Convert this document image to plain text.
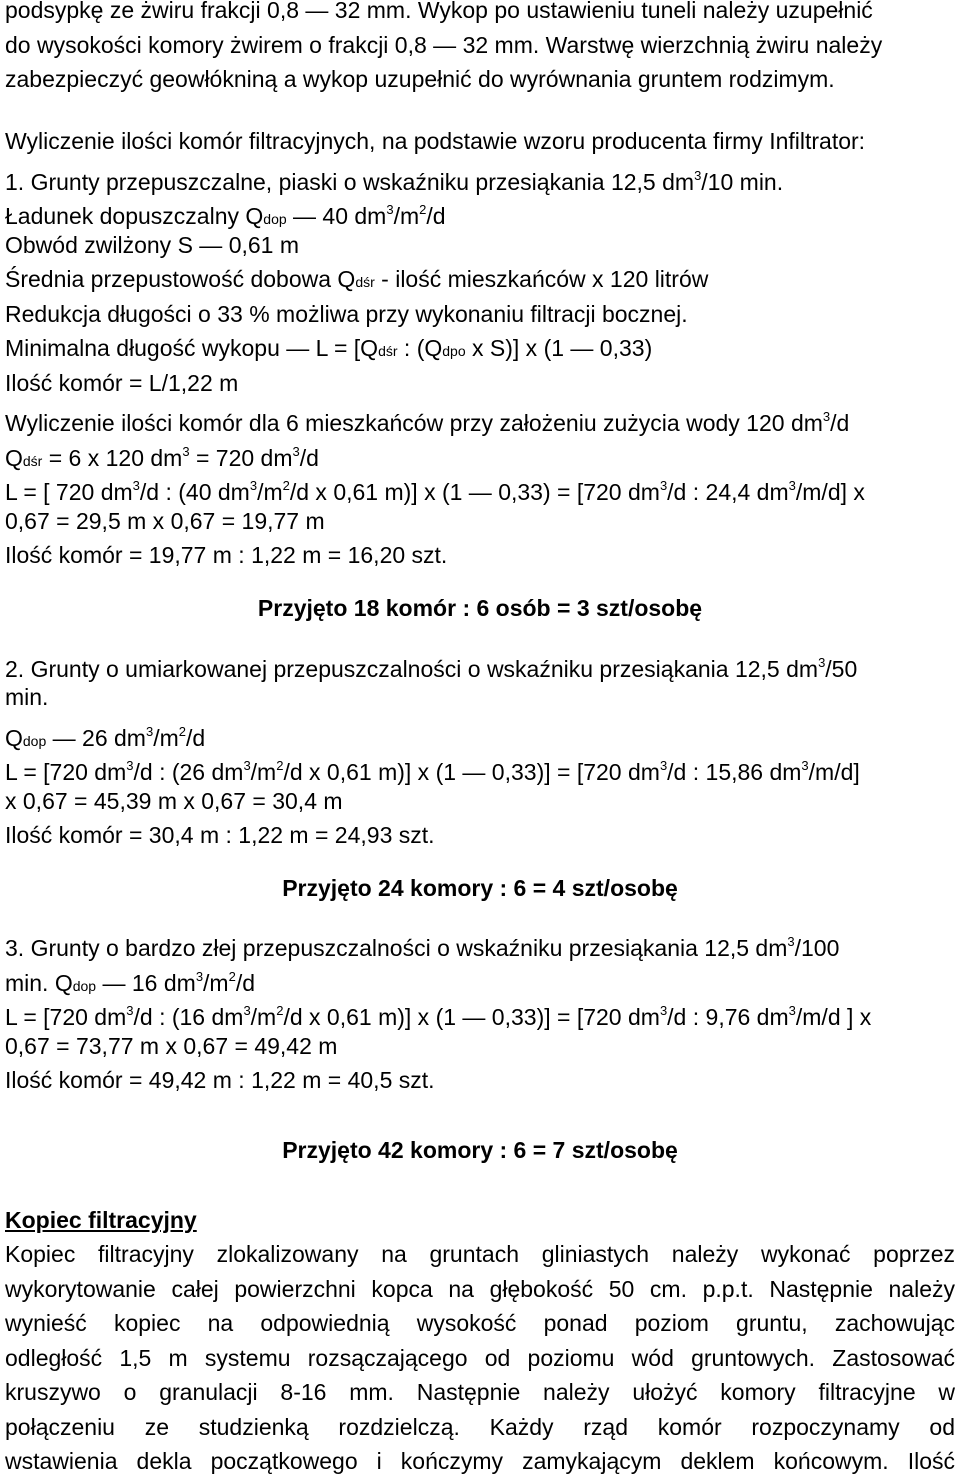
podsypkę ze żwiru frakcji 0,8 — 32 mm. Wykop po ustawieniu tuneli należy uzupełnić
do wysokości komory żwirem o frakcji 0,8 — 32 mm. Warstwę wierzchnią żwiru należy
zabezpieczyć geowłókniną a wykop uzupełnić do wyrównania gruntem rodzimym.
Wyliczenie ilości komór filtracyjnych, na podstawie wzoru producenta firmy Infiltrator:
1. Grunty przepuszczalne, piaski o wskaźniku przesiąkania 12,5 $dm^3/10$ min.
Ładunek dopuszczalny Qdop — 40 $dm^3/m^2/d$
Obwód zwilżony S — 0,61 m
Średnia przepustowość dobowa Qdśr - ilość mieszkańców x 120 litrów
Redukcja długości o 33 % możliwa przy wykonaniu filtracji bocznej.
Minimalna długość wykopu — L = [Qdśr : (Qdpo x S)] x (1 — 0,33)
Ilość komór = L/1,22 m
Wyliczenie ilości komór dla 6 mieszkańców przy założeniu zużycia wody 120 $dm^3/d$
Qdśr = 6 x 120 $dm^3 = 720$ $dm^3/d$
L = [ 720 $dm^3/d$ : (40 $dm^3/m^2/d$ x 0,61 m)] x (1 — 0,33) = [720 $dm^3/d$ : 24,4 $dm^3/m/d$] x
0,67 = 29,5 m x 0,67 = 19,77 m
Ilość komór = 19,77 m : 1,22 m = 16,20 szt.
Przyjęto 18 komór : 6 osób = 3 szt/osobę
2. Grunty o umiarkowanej przepuszczalności o wskaźniku przesiąkania 12,5 $dm^3/50$
min.
Qdop — 26 $dm^3/m^2/d$
L = [720 $dm^3/d$ : (26 $dm^3/m^2/d$ x 0,61 m)] x (1 — 0,33)] = [720 $dm^3/d$ : 15,86 $dm^3/m/d$]
x 0,67 = 45,39 m x 0,67 = 30,4 m
Ilość komór = 30,4 m : 1,22 m = 24,93 szt.
Przyjęto 24 komory : 6 = 4 szt/osobę
3. Grunty o bardzo złej przepuszczalności o wskaźniku przesiąkania 12,5 $dm^3/100$
min. Qdop — 16 $dm^3/m^2/d$
L = [720 $dm^3/d$ : (16 $dm^3/m^2/d$ x 0,61 m)] x (1 — 0,33)] = [720 $dm^3/d$ : 9,76 $dm^3/m/d$ ] x
0,67 = 73,77 m x 0,67 = 49,42 m
Ilość komór = 49,42 m : 1,22 m = 40,5 szt.
Przyjęto 42 komory : 6 = 7 szt/osobę
Kopiec filtracyjny
Kopiec filtracyjny zlokalizowany na gruntach gliniastych należy wykonać poprzez
wykorytowanie całej powierzchni kopca na głębokość 50 cm. p.p.t. Następnie należy
wynieść kopiec na odpowiednią wysokość ponad poziom gruntu, zachowując
odległość 1,5 m systemu rozsączającego od poziomu wód gruntowych. Zastosować
kruszywo o granulacji 8-16 mm. Następnie należy ułożyć komory filtracyjne w
połączeniu ze studzienką rozdzielczą. Każdy rząd komór rozpoczynamy od
wstawienia dekla początkowego i kończymy zamykającym deklem końcowym. Ilość
